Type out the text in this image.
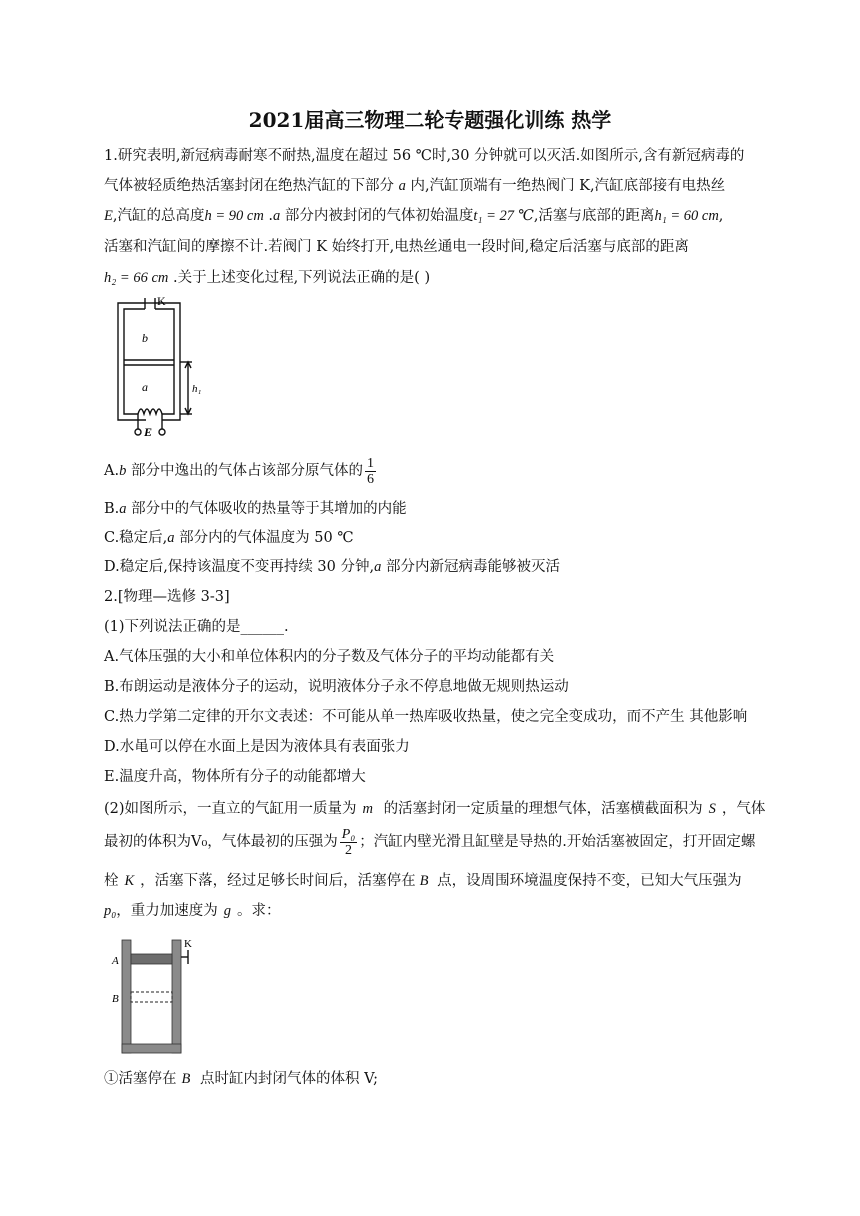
2021届高三物理二轮专题强化训练 热学
1.研究表明,新冠病毒耐寒不耐热,温度在超过 56 ℃时,30 分钟就可以灭活.如图所示,含有新冠病毒的
气体被轻质绝热活塞封闭在绝热汽缸的下部分 a 内,汽缸顶端有一绝热阀门 K,汽缸底部接有电热丝
E,汽缸的总高度h = 90 cm .a 部分内被封闭的气体初始温度t₁ = 27 ℃,活塞与底部的距离h₁ = 60 cm,
活塞和汽缸间的摩擦不计.若阀门 K 始终打开,电热丝通电一段时间,稳定后活塞与底部的距离
h₂ = 66 cm .关于上述变化过程,下列说法正确的是( )
K
b
a	h₁
E
A.b 部分中逸出的气体占该部分原气体的 $\frac{1}{6}$
B.a 部分中的气体吸收的热量等于其增加的内能
C.稳定后,a 部分内的气体温度为 50 ℃
D.稳定后,保持该温度不变再持续 30 分钟,a 部分内新冠病毒能够被灭活
2.[物理—选修 3-3]
(1)下列说法正确的是______.
A.气体压强的大小和单位体积内的分子数及气体分子的平均动能都有关
B.布朗运动是液体分子的运动，说明液体分子永不停息地做无规则热运动
C.热力学第二定律的开尔文表述：不可能从单一热库吸收热量，使之完全变成功，而不产生 其他影响
D.水黾可以停在水面上是因为液体具有表面张力
E.温度升高，物体所有分子的动能都增大
(2)如图所示，一直立的气缸用一质量为 m 的活塞封闭一定质量的理想气体，活塞横截面积为 S ，气体
最初的体积为V₀，气体最初的压强为 $\frac{\text{P₀}}{2}$ ；汽缸内壁光滑且缸壁是导热的.开始活塞被固定，打开固定螺
栓 K ，活塞下落，经过足够长时间后，活塞停在 B 点，设周围环境温度保持不变，已知大气压强为
p₀，重力加速度为 g 。求：
K
A
B
①活塞停在 B 点时缸内封闭气体的体积 V;
